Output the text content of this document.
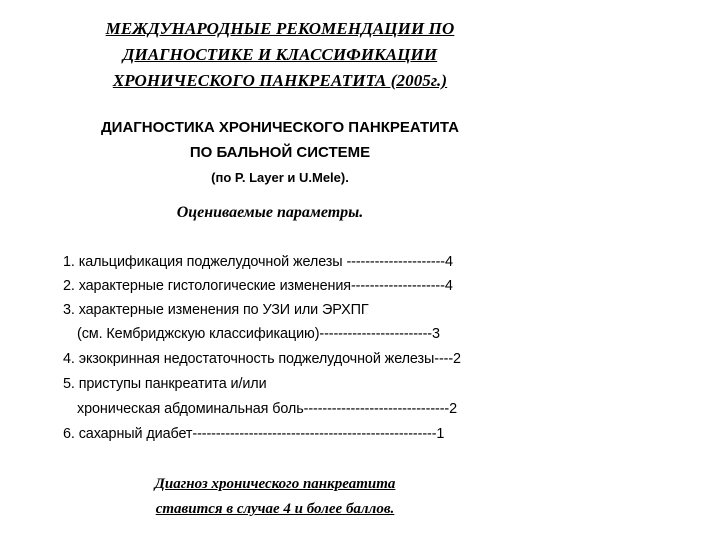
МЕЖДУНАРОДНЫЕ РЕКОМЕНДАЦИИ ПО
ДИАГНОСТИКЕ И КЛАССИФИКАЦИИ
ХРОНИЧЕСКОГО ПАНКРЕАТИТА (2005г.)
ДИАГНОСТИКА ХРОНИЧЕСКОГО ПАНКРЕАТИТА
ПО БАЛЬНОЙ СИСТЕМЕ
(по P. Layer и U.Mele).
Оцениваемые параметры.
1. кальцификация поджелудочной железы ---------------------4
2. характерные гистологические изменения--------------------4
3. характерные изменения по УЗИ или ЭРХПГ
(см. Кембриджскую классификацию)------------------------3
4. экзокринная недостаточность поджелудочной железы----2
5. приступы панкреатита и/или
хроническая абдоминальная боль-------------------------------2
6. сахарный диабет----------------------------------------------------1
Диагноз хронического панкреатита
ставится в случае 4 и более баллов.
